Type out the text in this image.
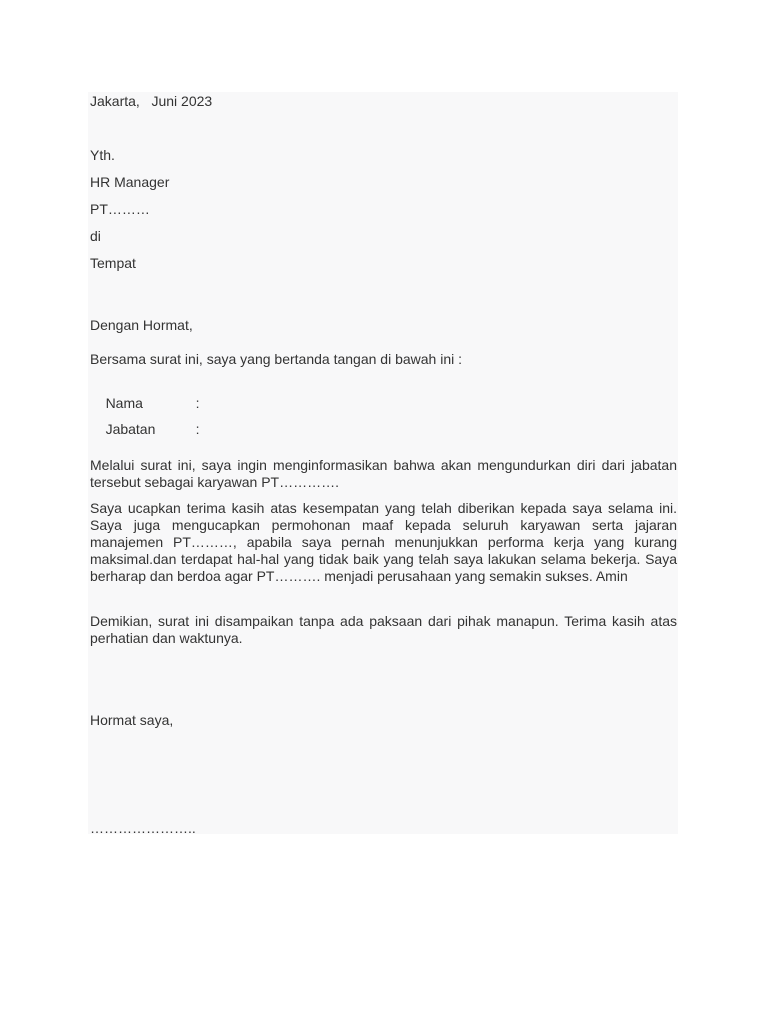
Jakarta,   Juni 2023
Yth.
HR Manager
PT………
di
Tempat
Dengan Hormat,
Bersama surat ini, saya yang bertanda tangan di bawah ini :

Nama	:

Jabatan	:

Melalui surat ini, saya ingin menginformasikan bahwa akan mengundurkan diri dari jabatan tersebut sebagai karyawan PT………….
Saya ucapkan terima kasih atas kesempatan yang telah diberikan kepada saya selama ini. Saya juga mengucapkan permohonan maaf kepada seluruh karyawan serta jajaran manajemen PT………, apabila saya pernah menunjukkan performa kerja yang kurang maksimal.dan terdapat hal-hal yang tidak baik yang telah saya lakukan selama bekerja. Saya berharap dan berdoa agar PT………. menjadi perusahaan yang semakin sukses. Amin
Demikian, surat ini disampaikan tanpa ada paksaan dari pihak manapun. Terima kasih atas perhatian dan waktunya.
Hormat saya,
…………………..
